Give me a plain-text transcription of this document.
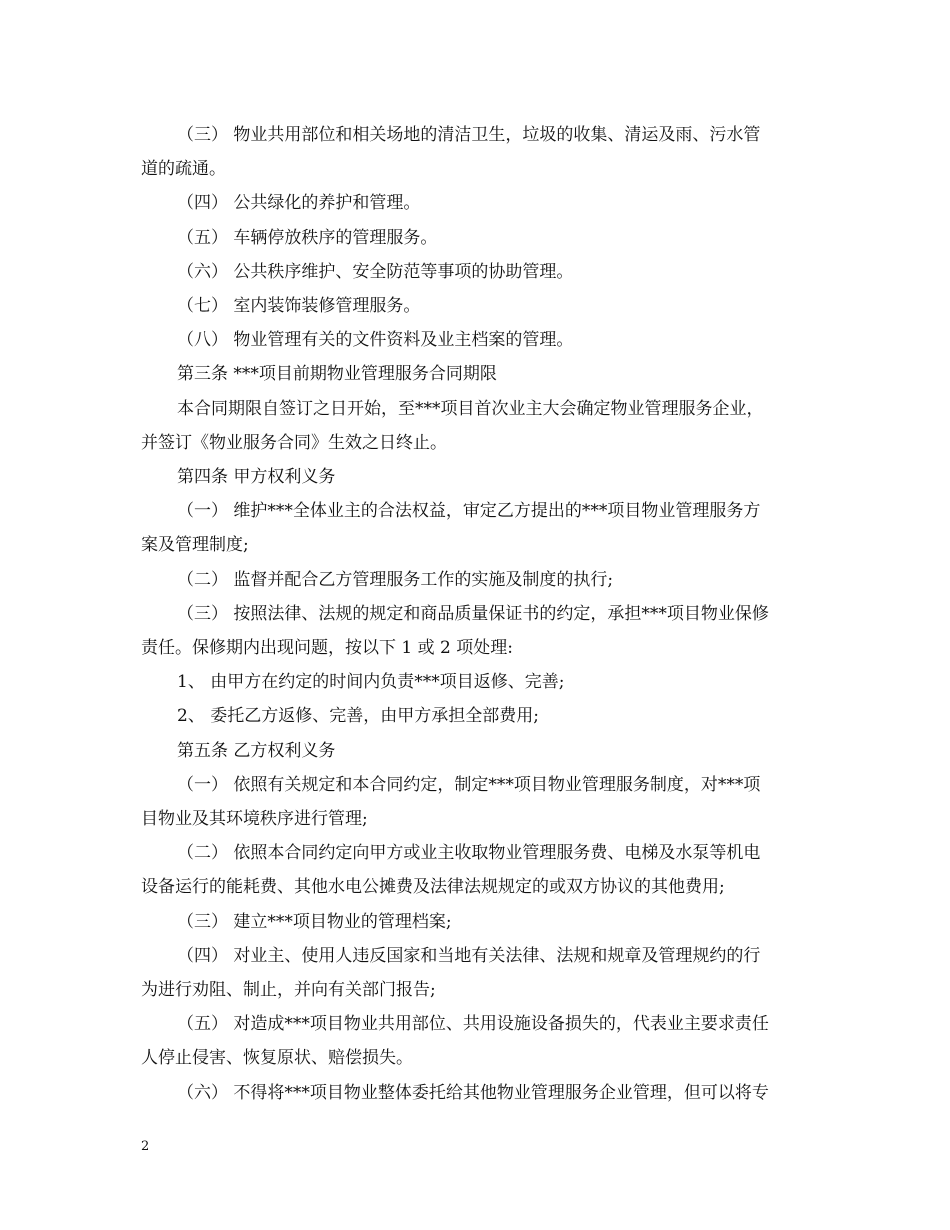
（三） 物业共用部位和相关场地的清洁卫生，垃圾的收集、清运及雨、污水管

道的疏通。

（四） 公共绿化的养护和管理。

（五） 车辆停放秩序的管理服务。

（六） 公共秩序维护、安全防范等事项的协助管理。

（七） 室内装饰装修管理服务。

（八） 物业管理有关的文件资料及业主档案的管理。

第三条 ***项目前期物业管理服务合同期限

本合同期限自签订之日开始，至***项目首次业主大会确定物业管理服务企业，

并签订《物业服务合同》生效之日终止。

第四条 甲方权利义务

（一） 维护***全体业主的合法权益，审定乙方提出的***项目物业管理服务方

案及管理制度;

（二） 监督并配合乙方管理服务工作的实施及制度的执行;

（三） 按照法律、法规的规定和商品质量保证书的约定，承担***项目物业保修

责任。保修期内出现问题，按以下 1 或 2 项处理:

1、 由甲方在约定的时间内负责***项目返修、完善;

2、 委托乙方返修、完善，由甲方承担全部费用;

第五条 乙方权利义务

（一） 依照有关规定和本合同约定，制定***项目物业管理服务制度，对***项

目物业及其环境秩序进行管理;

（二） 依照本合同约定向甲方或业主收取物业管理服务费、电梯及水泵等机电

设备运行的能耗费、其他水电公摊费及法律法规规定的或双方协议的其他费用;

（三） 建立***项目物业的管理档案;

（四） 对业主、使用人违反国家和当地有关法律、法规和规章及管理规约的行

为进行劝阻、制止，并向有关部门报告;

（五） 对造成***项目物业共用部位、共用设施设备损失的，代表业主要求责任

人停止侵害、恢复原状、赔偿损失。

（六） 不得将***项目物业整体委托给其他物业管理服务企业管理，但可以将专

2
